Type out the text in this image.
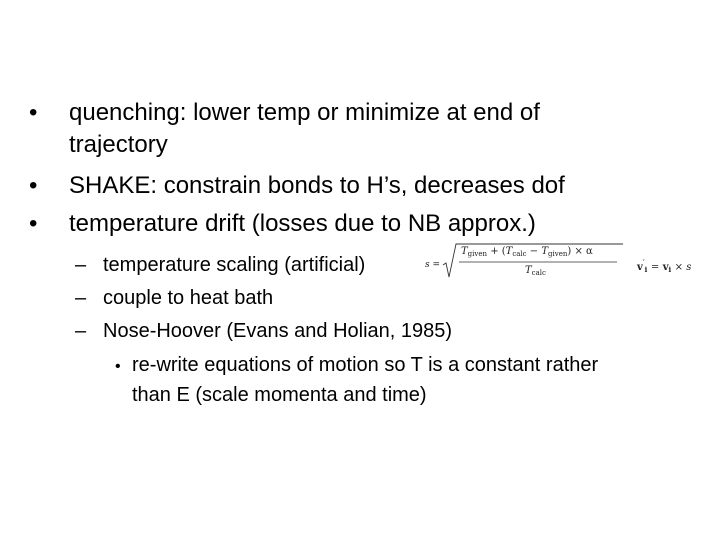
• quenching: lower temp or minimize at end of
trajectory
• SHAKE: constrain bonds to H’s, decreases dof
• temperature drift (losses due to NB approx.)
– temperature scaling (artificial)
– couple to heat bath
– Nose-Hoover (Evans and Holian, 1985)
• re-write equations of motion so T is a constant rather
than E (scale momenta and time)
s =
$T_{given} + (T_{calc} - T_{given}) \times \alpha$
$T_{calc}$	$v'_i = v_i \times s$
